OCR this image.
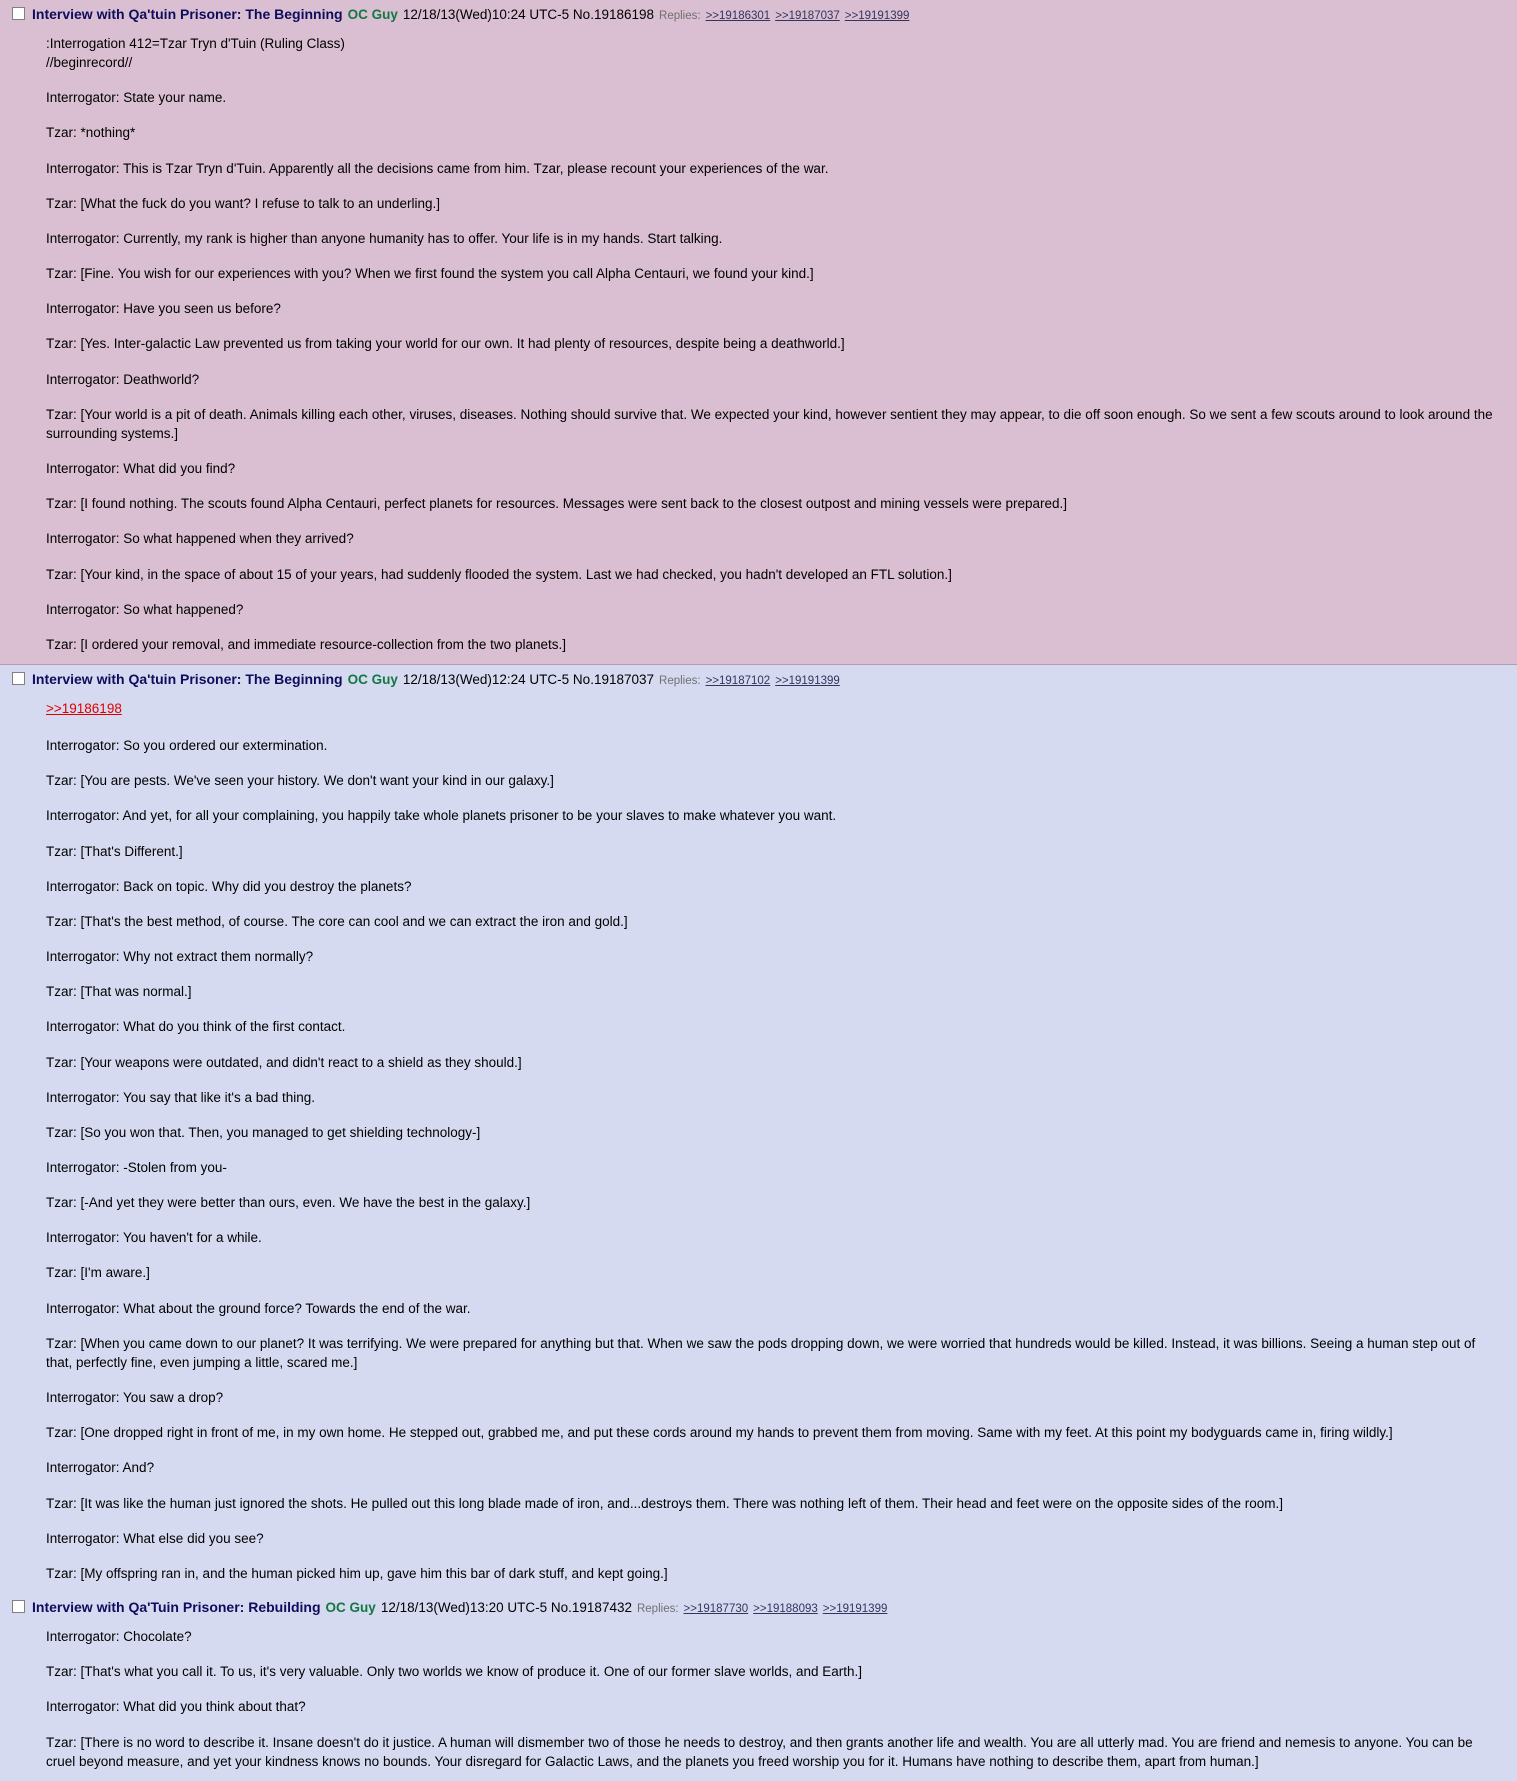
Interview with Qa'tuin Prisoner: The Beginning OC Guy 12/18/13(Wed)10:24 UTC-5 No.19186198 Replies: >>19186301 >>19187037 >>19191399

:Interrogation 412=Tzar Tryn d'Tuin (Ruling Class)

//beginrecord//

Interrogator: State your name.

Tzar: *nothing*

Interrogator: This is Tzar Tryn d'Tuin. Apparently all the decisions came from him. Tzar, please recount your experiences of the war.

Tzar: [What the fuck do you want? I refuse to talk to an underling.]

Interrogator: Currently, my rank is higher than anyone humanity has to offer. Your life is in my hands. Start talking.

Tzar: [Fine. You wish for our experiences with you? When we first found the system you call Alpha Centauri, we found your kind.]

Interrogator: Have you seen us before?

Tzar: [Yes. Inter-galactic Law prevented us from taking your world for our own. It had plenty of resources, despite being a deathworld.]

Interrogator: Deathworld?

Tzar: [Your world is a pit of death. Animals killing each other, viruses, diseases. Nothing should survive that. We expected your kind, however sentient they may appear, to die off soon enough. So we sent a few scouts around to look around the surrounding systems.]

Interrogator: What did you find?

Tzar: [I found nothing. The scouts found Alpha Centauri, perfect planets for resources. Messages were sent back to the closest outpost and mining vessels were prepared.]

Interrogator: So what happened when they arrived?

Tzar: [Your kind, in the space of about 15 of your years, had suddenly flooded the system. Last we had checked, you hadn't developed an FTL solution.]

Interrogator: So what happened?

Tzar: [I ordered your removal, and immediate resource-collection from the two planets.]

Interview with Qa'tuin Prisoner: The Beginning OC Guy 12/18/13(Wed)12:24 UTC-5 No.19187037 Replies: >>19187102 >>19191399

>>19186198

Interrogator: So you ordered our extermination.

Tzar: [You are pests. We've seen your history. We don't want your kind in our galaxy.]

Interrogator: And yet, for all your complaining, you happily take whole planets prisoner to be your slaves to make whatever you want.

Tzar: [That's Different.]

Interrogator: Back on topic. Why did you destroy the planets?

Tzar: [That's the best method, of course. The core can cool and we can extract the iron and gold.]

Interrogator: Why not extract them normally?

Tzar: [That was normal.]

Interrogator: What do you think of the first contact.

Tzar: [Your weapons were outdated, and didn't react to a shield as they should.]

Interrogator: You say that like it's a bad thing.

Tzar: [So you won that. Then, you managed to get shielding technology-]

Interrogator: -Stolen from you-

Tzar: [-And yet they were better than ours, even. We have the best in the galaxy.]

Interrogator: You haven't for a while.

Tzar: [I'm aware.]

Interrogator: What about the ground force? Towards the end of the war.

Tzar: [When you came down to our planet? It was terrifying. We were prepared for anything but that. When we saw the pods dropping down, we were worried that hundreds would be killed. Instead, it was billions. Seeing a human step out of that, perfectly fine, even jumping a little, scared me.]

Interrogator: You saw a drop?

Tzar: [One dropped right in front of me, in my own home. He stepped out, grabbed me, and put these cords around my hands to prevent them from moving. Same with my feet. At this point my bodyguards came in, firing wildly.]

Interrogator: And?

Tzar: [It was like the human just ignored the shots. He pulled out this long blade made of iron, and...destroys them. There was nothing left of them. Their head and feet were on the opposite sides of the room.]

Interrogator: What else did you see?

Tzar: [My offspring ran in, and the human picked him up, gave him this bar of dark stuff, and kept going.]

Interview with Qa'Tuin Prisoner: Rebuilding OC Guy 12/18/13(Wed)13:20 UTC-5 No.19187432 Replies: >>19187730 >>19188093 >>19191399

Interrogator: Chocolate?

Tzar: [That's what you call it. To us, it's very valuable. Only two worlds we know of produce it. One of our former slave worlds, and Earth.]

Interrogator: What did you think about that?

Tzar: [There is no word to describe it. Insane doesn't do it justice. A human will dismember two of those he needs to destroy, and then grants another life and wealth. You are all utterly mad. You are friend and nemesis to anyone. You can be cruel beyond measure, and yet your kindness knows no bounds. Your disregard for Galactic Laws, and the planets you freed worship you for it. Humans have nothing to describe them, apart from human.]
